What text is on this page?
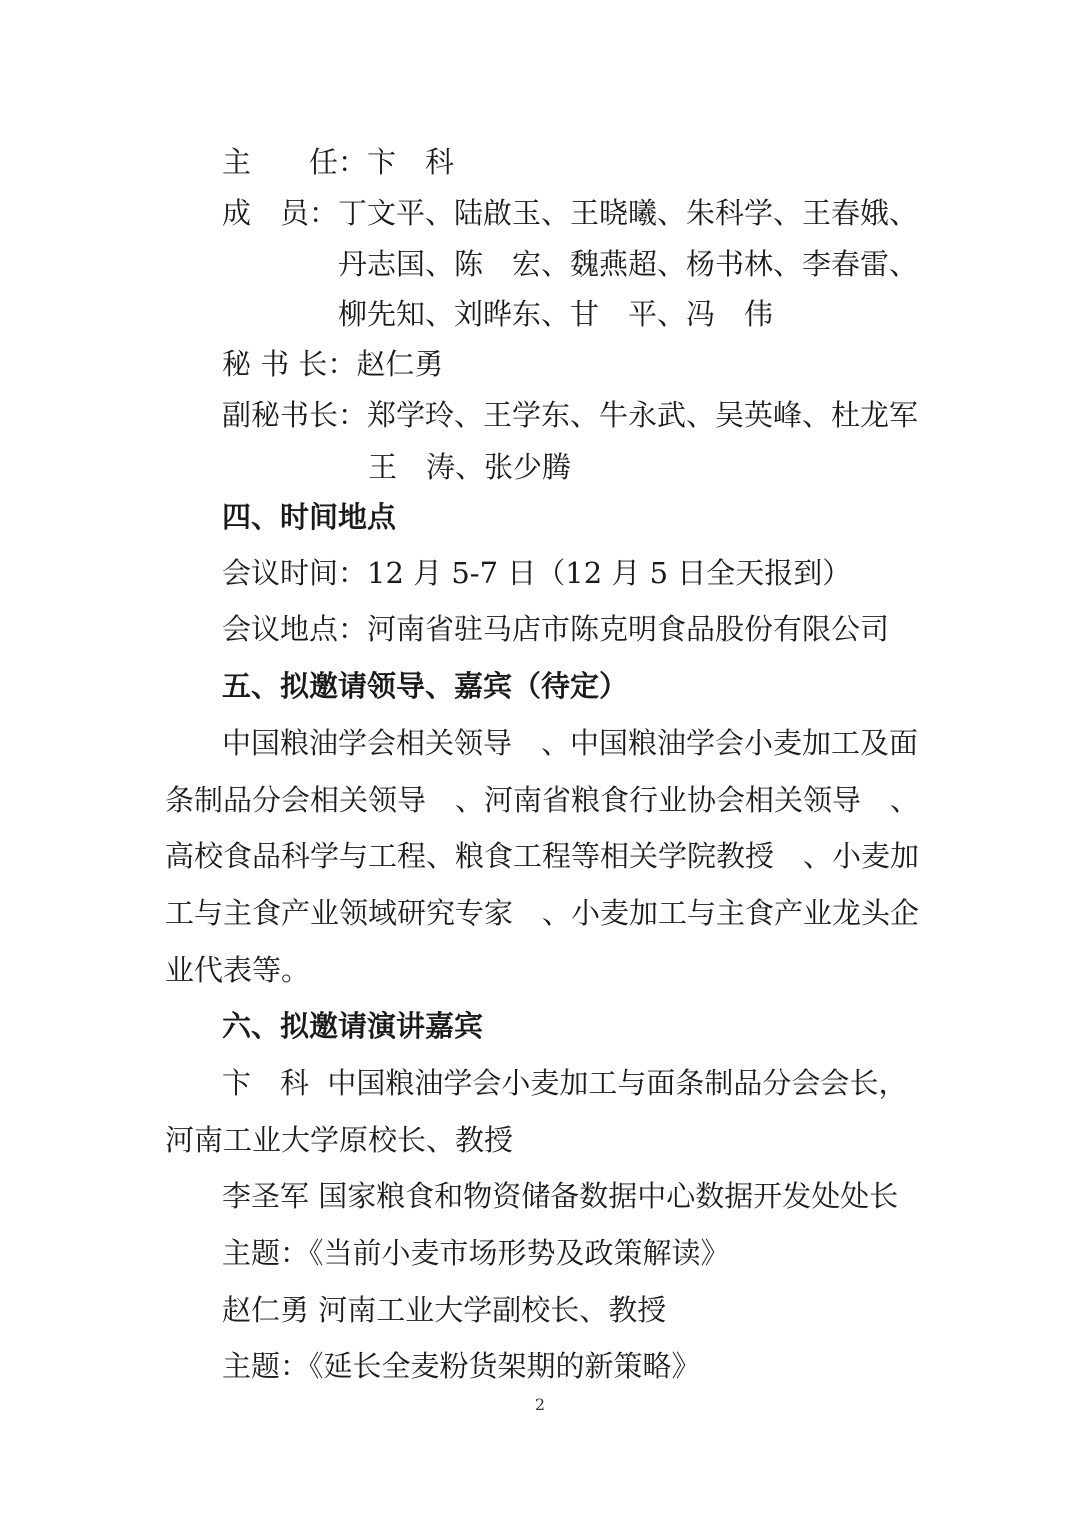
主　　任：卞　科

成　员：丁文平、陆啟玉、王晓曦、朱科学、王春娥、

丹志国、陈　宏、魏燕超、杨书林、李春雷、

柳先知、刘晔东、甘　平、冯　伟

秘 书 长：赵仁勇

副秘书长：郑学玲、王学东、牛永武、吴英峰、杜龙军

王　涛、张少腾

四、时间地点

会议时间：12 月 5-7 日（12 月 5 日全天报到）

会议地点：河南省驻马店市陈克明食品股份有限公司

五、拟邀请领导、嘉宾（待定）

中国粮油学会相关领导　、中国粮油学会小麦加工及面

条制品分会相关领导　、河南省粮食行业协会相关领导　、

高校食品科学与工程、粮食工程等相关学院教授　、小麦加

工与主食产业领域研究专家　、小麦加工与主食产业龙头企

业代表等。

六、拟邀请演讲嘉宾

卞　科  中国粮油学会小麦加工与面条制品分会会长，

河南工业大学原校长、教授

李圣军 国家粮食和物资储备数据中心数据开发处处长

主题：《当前小麦市场形势及政策解读》

赵仁勇 河南工业大学副校长、教授

主题：《延长全麦粉货架期的新策略》

2
